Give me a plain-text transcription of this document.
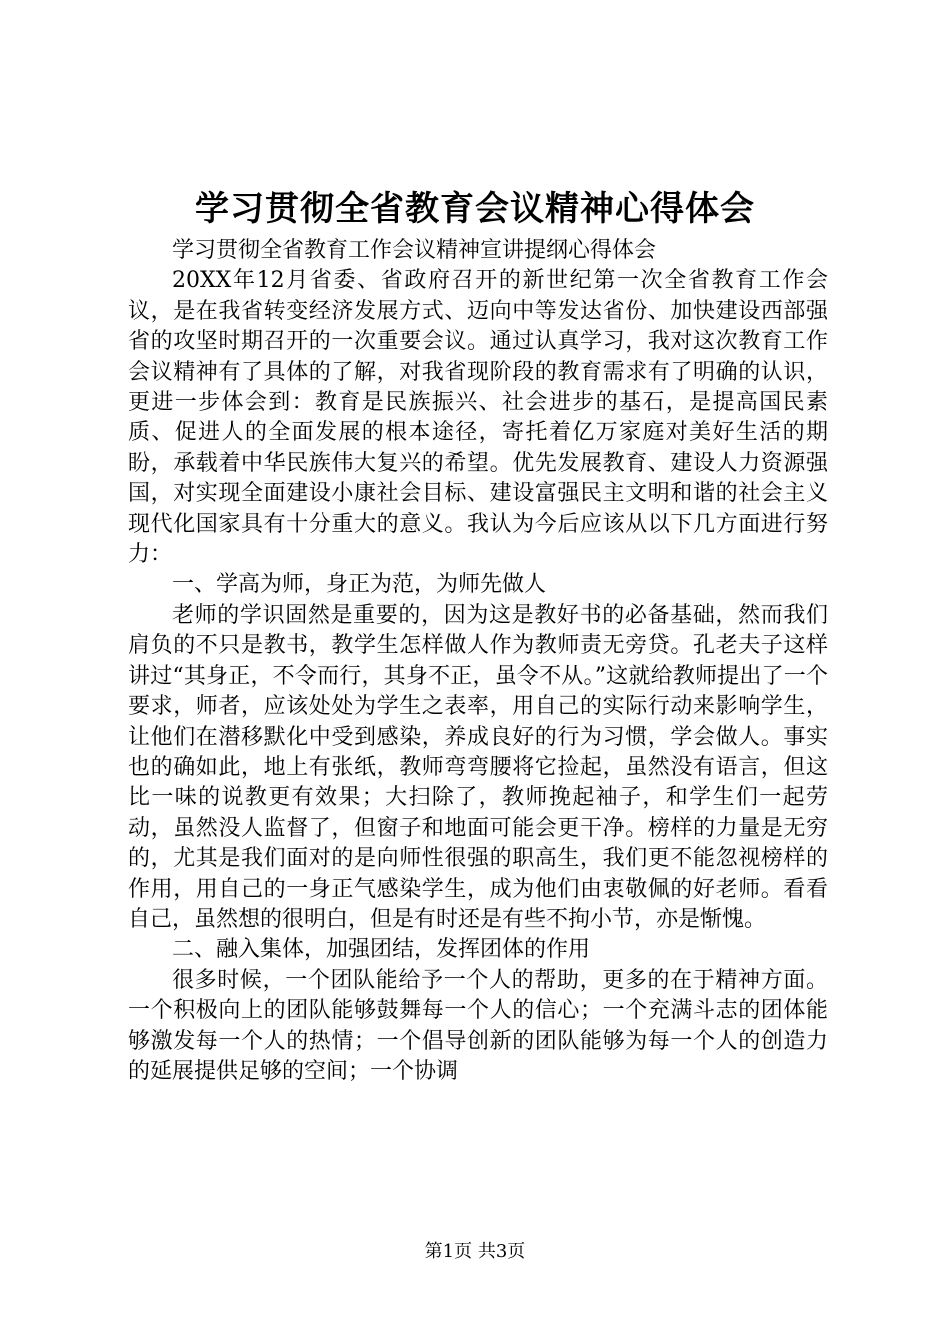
学习贯彻全省教育会议精神心得体会

学习贯彻全省教育工作会议精神宣讲提纲心得体会

20XX年12月省委、省政府召开的新世纪第一次全省教育工作会议，是在我省转变经济发展方式、迈向中等发达省份、加快建设西部强省的攻坚时期召开的一次重要会议。通过认真学习，我对这次教育工作会议精神有了具体的了解，对我省现阶段的教育需求有了明确的认识，更进一步体会到：教育是民族振兴、社会进步的基石，是提高国民素质、促进人的全面发展的根本途径，寄托着亿万家庭对美好生活的期盼，承载着中华民族伟大复兴的希望。优先发展教育、建设人力资源强国，对实现全面建设小康社会目标、建设富强民主文明和谐的社会主义现代化国家具有十分重大的意义。我认为今后应该从以下几方面进行努力：

一、学高为师，身正为范，为师先做人

老师的学识固然是重要的，因为这是教好书的必备基础，然而我们肩负的不只是教书，教学生怎样做人作为教师责无旁贷。孔老夫子这样讲过“其身正，不令而行，其身不正，虽令不从。”这就给教师提出了一个要求，师者，应该处处为学生之表率，用自己的实际行动来影响学生，让他们在潜移默化中受到感染，养成良好的行为习惯，学会做人。事实也的确如此，地上有张纸，教师弯弯腰将它捡起，虽然没有语言，但这比一味的说教更有效果；大扫除了，教师挽起袖子，和学生们一起劳动，虽然没人监督了，但窗子和地面可能会更干净。榜样的力量是无穷的，尤其是我们面对的是向师性很强的职高生，我们更不能忽视榜样的作用，用自己的一身正气感染学生，成为他们由衷敬佩的好老师。看看自己，虽然想的很明白，但是有时还是有些不拘小节，亦是惭愧。

二、融入集体，加强团结，发挥团体的作用

很多时候，一个团队能给予一个人的帮助，更多的在于精神方面。一个积极向上的团队能够鼓舞每一个人的信心；一个充满斗志的团体能够激发每一个人的热情；一个倡导创新的团队能够为每一个人的创造力的延展提供足够的空间；一个协调

第1页 共3页
